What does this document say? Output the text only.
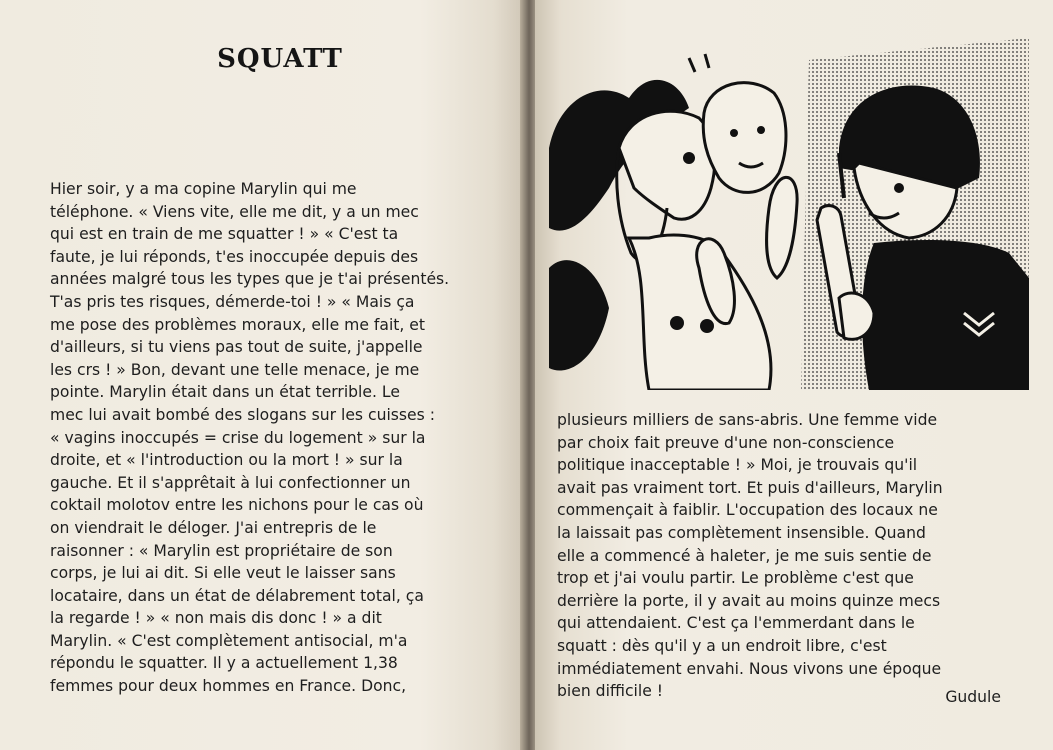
SQUATT

Hier soir, y a ma copine Marylin qui me
téléphone. « Viens vite, elle me dit, y a un mec
qui est en train de me squatter ! » « C'est ta
faute, je lui réponds, t'es inoccupée depuis des
années malgré tous les types que je t'ai présentés.
T'as pris tes risques, démerde-toi ! » « Mais ça
me pose des problèmes moraux, elle me fait, et
d'ailleurs, si tu viens pas tout de suite, j'appelle
les crs ! » Bon, devant une telle menace, je me
pointe. Marylin était dans un état terrible. Le
mec lui avait bombé des slogans sur les cuisses :
« vagins inoccupés = crise du logement » sur la
droite, et « l'introduction ou la mort ! » sur la
gauche. Et il s'apprêtait à lui confectionner un
coktail molotov entre les nichons pour le cas où
on viendrait le déloger. J'ai entrepris de le
raisonner : « Marylin est propriétaire de son
corps, je lui ai dit. Si elle veut le laisser sans
locataire, dans un état de délabrement total, ça
la regarde ! » « non mais dis donc ! » a dit
Marylin. « C'est complètement antisocial, m'a
répondu le squatter. Il y a actuellement 1,38
femmes pour deux hommes en France. Donc,

plusieurs milliers de sans-abris. Une femme vide
par choix fait preuve d'une non-conscience
politique inacceptable ! » Moi, je trouvais qu'il
avait pas vraiment tort. Et puis d'ailleurs, Marylin
commençait à faiblir. L'occupation des locaux ne
la laissait pas complètement insensible. Quand
elle a commencé à haleter, je me suis sentie de
trop et j'ai voulu partir. Le problème c'est que
derrière la porte, il y avait au moins quinze mecs
qui attendaient. C'est ça l'emmerdant dans le
squatt : dès qu'il y a un endroit libre, c'est
immédiatement envahi. Nous vivons une époque
bien difficile !	Gudule
